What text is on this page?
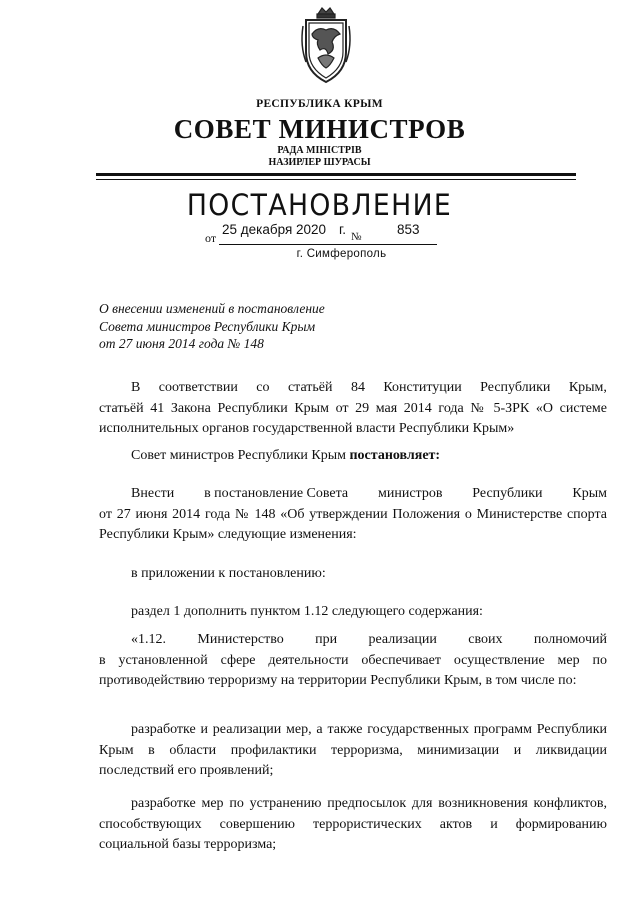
РЕСПУБЛИКА КРЫМ
СОВЕТ МИНИСТРОВ
РАДА МІНІСТРІВ
НАЗИРЛЕР ШУРАСЫ
ПОСТАНОВЛЕНИЕ
от
25 декабря 2020 г. №	853
г. Симферополь
О внесении изменений в постановление
Совета министров Республики Крым
от 27 июня 2014 года № 148
В соответствии со статьёй 84 Конституции Республики Крым,
статьёй 41 Закона Республики Крым от 29 мая 2014 года № 5-ЗРК «О системе исполнительных органов государственной власти Республики Крым»
Совет министров Республики Крым постановляет:
Внести в постановление Совета министров Республики Крым
от 27 июня 2014 года № 148 «Об утверждении Положения о Министерстве спорта Республики Крым» следующие изменения:
в приложении к постановлению:
раздел 1 дополнить пунктом 1.12 следующего содержания:
«1.12. Министерство при реализации своих полномочий
в установленной сфере деятельности обеспечивает осуществление мер по противодействию терроризму на территории Республики Крым, в том числе по:
разработке и реализации мер, а также государственных программ Республики Крым в области профилактики терроризма, минимизации и ликвидации последствий его проявлений;
разработке мер по устранению предпосылок для возникновения конфликтов, способствующих совершению террористических актов и формированию социальной базы терроризма;
